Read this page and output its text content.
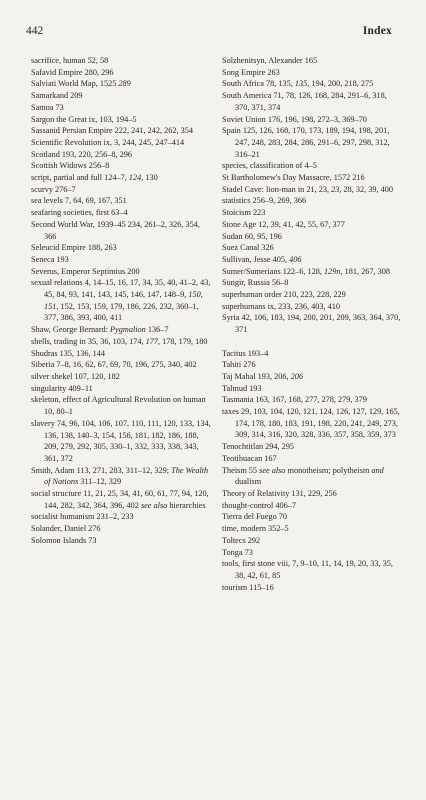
442	Index
sacrifice, human 52, 58
Safavid Empire 280, 296
Salviati World Map, 1525 289
Samarkand 209
Samoa 73
Sargon the Great ix, 103, 194–5
Sassanid Persian Empire 222, 241, 242, 262, 354
Scientific Revolution ix, 3, 244, 245, 247–414
Scotland 193, 220, 256–8, 296
Scottish Widows 256–8
script, partial and full 124–7, 124, 130
scurvy 276–7
sea levels 7, 64, 69, 167, 351
seafaring societies, first 63–4
Second World War, 1939–45 234, 261–2, 326, 354, 366
Seleucid Empire 188, 263
Seneca 193
Severus, Emperor Septimius 200
sexual relations 4, 14–15, 16, 17, 34, 35, 40, 41–2, 43, 45, 84, 93, 141, 143, 145, 146, 147, 148–9, 150, 151, 152, 153, 159, 179, 186, 226, 232, 360–1, 377, 386, 393, 400, 411
Shaw, George Bernard: Pygmalion 136–7
shells, trading in 35, 36, 103, 174, 177, 178, 179, 180
Shudras 135, 136, 144
Siberia 7–8, 16, 62, 67, 69, 70, 196, 275, 340, 402
silver shekel 107, 120, 182
singularity 409–11
skeleton, effect of Agricultural Revolution on human 10, 80–1
slavery 74, 96, 104, 106, 107, 110, 111, 120, 133, 134, 136, 138, 140–3, 154, 156, 181, 182, 186, 188, 209, 279, 292, 305, 330–1, 332, 333, 338, 343, 361, 372
Smith, Adam 113, 271, 283, 311–12, 329; The Wealth of Nations 311–12, 329
social structure 11, 21, 25, 34, 41, 60, 61, 77, 94, 120, 144, 282, 342, 364, 396, 402 see also hierarchies
socialist humanism 231–2, 233
Solander, Daniel 276
Solomon Islands 73
Solzhenitsyn, Alexander 165
Song Empire 263
South Africa 78, 135, 135, 194, 200, 218, 275
South America 71, 78, 126, 168, 284, 291–6, 318, 370, 371, 374
Soviet Union 176, 196, 198, 272–3, 369–70
Spain 125, 126, 168, 170, 173, 189, 194, 198, 201, 247, 248, 283, 284, 286, 291–6, 297, 298, 312, 316–21
species, classification of 4–5
St Bartholomew's Day Massacre, 1572 216
Stadel Cave: lion-man in 21, 23, 23, 28, 32, 39, 400
statistics 256–9, 269, 366
Stoicism 223
Stone Age 12, 39, 41, 42, 55, 67, 377
Sudan 60, 95, 196
Suez Canal 326
Sullivan, Jesse 405, 406
Sumer/Sumerians 122–6, 128, 129n, 181, 267, 308
Sungir, Russia 56–8
superhuman order 210, 223, 228, 229
superhumans ix, 233, 236, 403, 410
Syria 42, 106, 183, 194, 200, 201, 209, 363, 364, 370, 371
Tacitus 193–4
Tahiti 276
Taj Mahal 193, 206, 206
Talmud 193
Tasmania 163, 167, 168, 277, 278, 279, 379
taxes 29, 103, 104, 120, 121, 124, 126, 127, 129, 165, 174, 178, 180, 183, 191, 198, 220, 241, 249, 273, 309, 314, 316, 320, 328, 336, 357, 358, 359, 373
Tenochtitlan 294, 295
Teotihuacan 167
Theism 55 see also monotheism; polytheism and dualism
Theory of Relativity 131, 229, 256
thought-control 406–7
Tierra del Fuego 70
time, modern 352–5
Toltecs 292
Tonga 73
tools, first stone viii, 7, 9–10, 11, 14, 19, 20, 33, 35, 38, 42, 61, 85
tourism 115–16
